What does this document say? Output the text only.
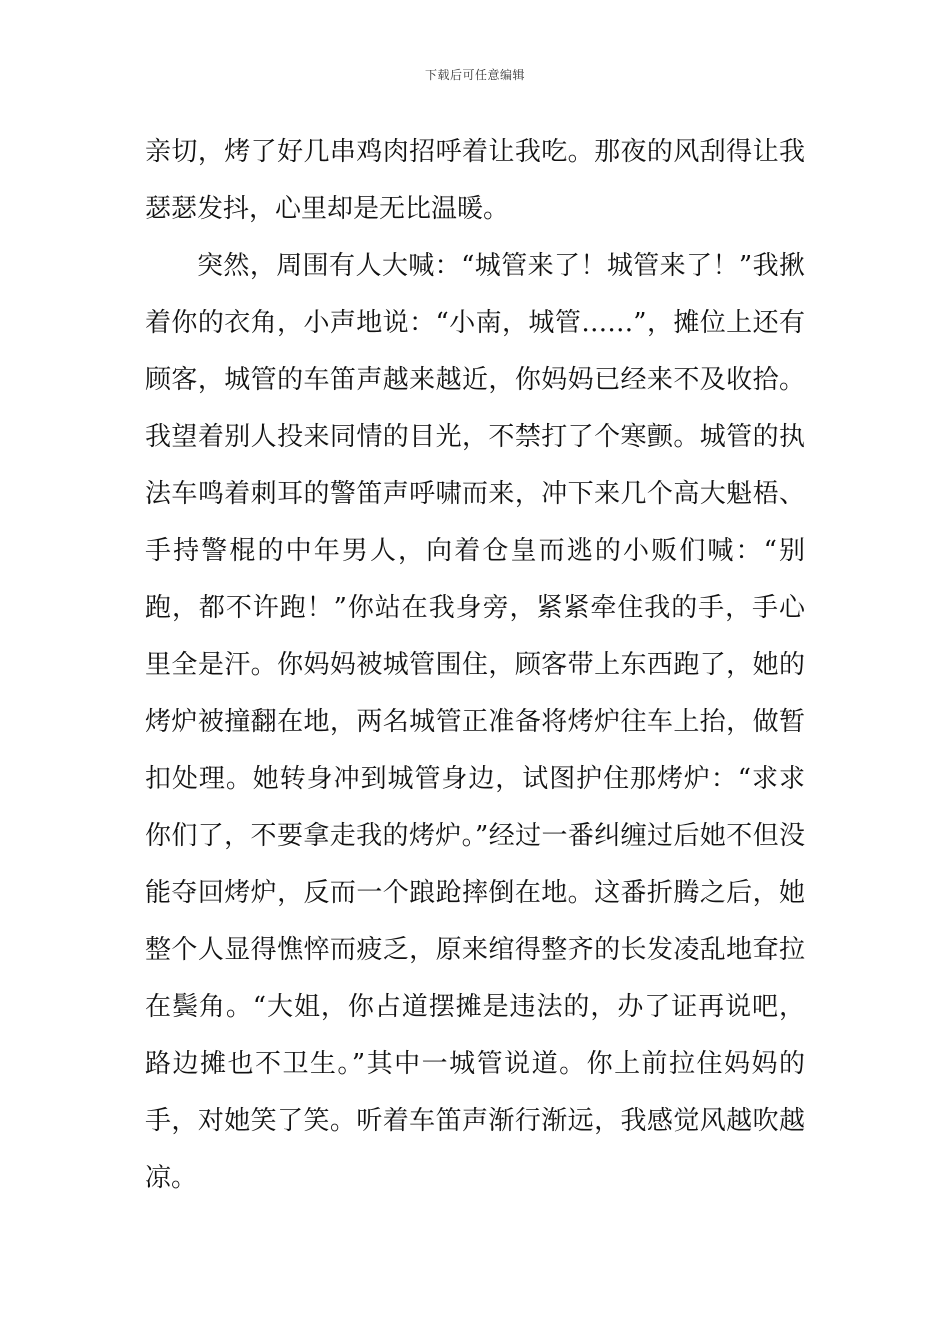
下载后可任意编辑

亲切，烤了好几串鸡肉招呼着让我吃。那夜的风刮得让我瑟瑟发抖，心里却是无比温暖。

突然，周围有人大喊：“城管来了！城管来了！”我揪着你的衣角，小声地说：“小南，城管……”，摊位上还有顾客，城管的车笛声越来越近，你妈妈已经来不及收拾。我望着别人投来同情的目光，不禁打了个寒颤。城管的执法车鸣着刺耳的警笛声呼啸而来，冲下来几个高大魁梧、手持警棍的中年男人，向着仓皇而逃的小贩们喊：“别跑，都不许跑！”你站在我身旁，紧紧牵住我的手，手心里全是汗。你妈妈被城管围住，顾客带上东西跑了，她的烤炉被撞翻在地，两名城管正准备将烤炉往车上抬，做暂扣处理。她转身冲到城管身边，试图护住那烤炉：“求求你们了，不要拿走我的烤炉。”经过一番纠缠过后她不但没能夺回烤炉，反而一个踉跄摔倒在地。这番折腾之后，她整个人显得憔悴而疲乏，原来绾得整齐的长发凌乱地耷拉在鬓角。“大姐，你占道摆摊是违法的，办了证再说吧，路边摊也不卫生。”其中一城管说道。你上前拉住妈妈的手，对她笑了笑。听着车笛声渐行渐远，我感觉风越吹越凉。
